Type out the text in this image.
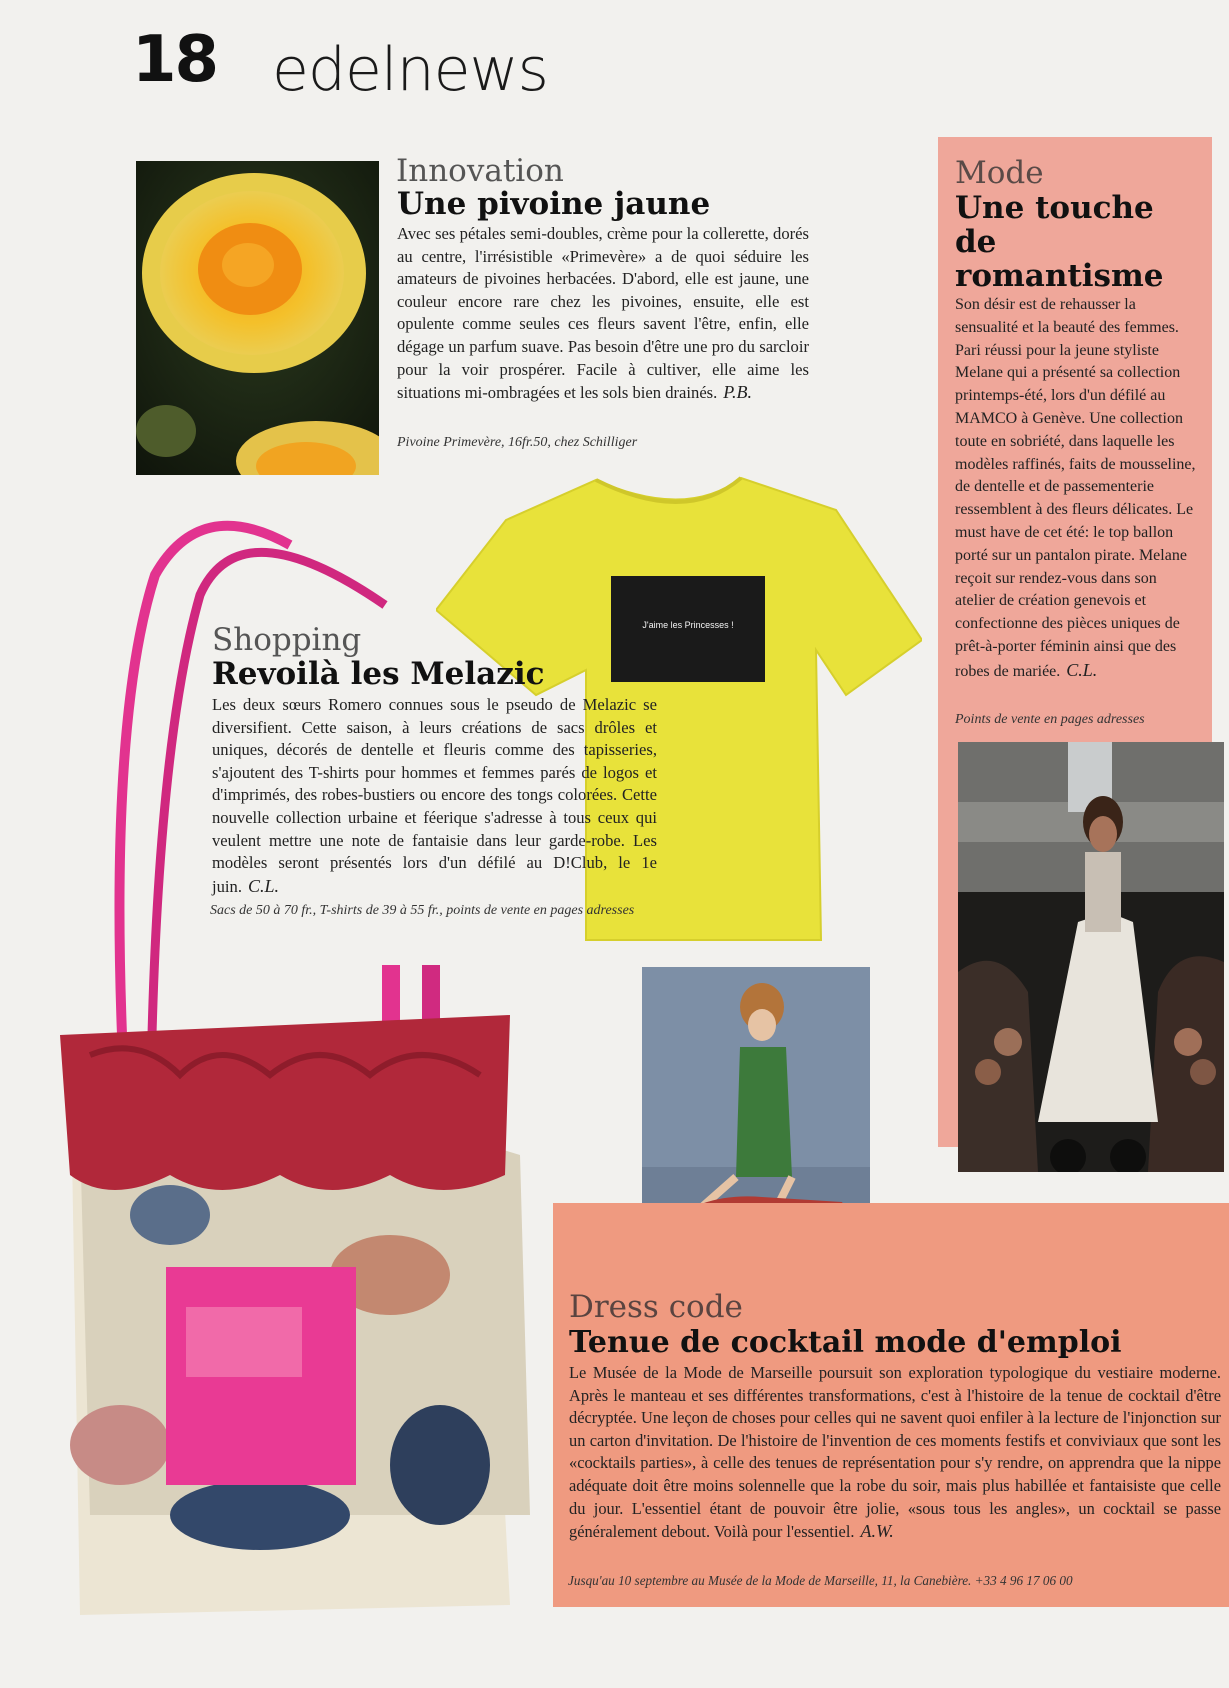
18 edelnews
Innovation
Une pivoine jaune
Avec ses pétales semi-doubles, crème pour la collerette, dorés au centre, l'irrésistible «Primevère» a de quoi séduire les amateurs de pivoines herbacées. D'abord, elle est jaune, une couleur encore rare chez les pivoines, ensuite, elle est opulente comme seules ces fleurs savent l'être, enfin, elle dégage un parfum suave. Pas besoin d'être une pro du sarcloir pour la voir prospérer. Facile à cultiver, elle aime les situations mi-ombragées et les sols bien drainés. P.B.
Pivoine Primevère, 16fr.50, chez Schilliger
Mode
Une touche de romantisme
Son désir est de rehausser la sensualité et la beauté des femmes. Pari réussi pour la jeune styliste Melane qui a présenté sa collection printemps-été, lors d'un défilé au MAMCO à Genève. Une collection toute en sobriété, dans laquelle les modèles raffinés, faits de mousseline, de dentelle et de passementerie ressemblent à des fleurs délicates. Le must have de cet été: le top ballon porté sur un pantalon pirate. Melane reçoit sur rendez-vous dans son atelier de création genevois et confectionne des pièces uniques de prêt-à-porter féminin ainsi que des robes de mariée. C.L.
Points de vente en pages adresses
J'aime les Princesses !
Shopping
Revoilà les Melazic
Les deux sœurs Romero connues sous le pseudo de Melazic se diversifient. Cette saison, à leurs créations de sacs drôles et uniques, décorés de dentelle et fleuris comme des tapisseries, s'ajoutent des T-shirts pour hommes et femmes parés de logos et d'imprimés, des robes-bustiers ou encore des tongs colorées. Cette nouvelle collection urbaine et féerique s'adresse à tous ceux qui veulent mettre une note de fantaisie dans leur garde-robe. Les modèles seront présentés lors d'un défilé au D!Club, le 1e juin. C.L.
Sacs de 50 à 70 fr., T-shirts de 39 à 55 fr., points de vente en pages adresses
Dress code
Tenue de cocktail mode d'emploi
Le Musée de la Mode de Marseille poursuit son exploration typologique du vestiaire moderne. Après le manteau et ses différentes transformations, c'est à l'histoire de la tenue de cocktail d'être décryptée. Une leçon de choses pour celles qui ne savent quoi enfiler à la lecture de l'injonction sur un carton d'invitation. De l'histoire de l'invention de ces moments festifs et conviviaux que sont les «cocktails parties», à celle des tenues de représentation pour s'y rendre, on apprendra que la nippe adéquate doit être moins solennelle que la robe du soir, mais plus habillée et fantaisiste que celle du jour. L'essentiel étant de pouvoir être jolie, «sous tous les angles», un cocktail se passe généralement debout. Voilà pour l'essentiel. A.W.
Jusqu'au 10 septembre au Musée de la Mode de Marseille, 11, la Canebière. +33 4 96 17 06 00
